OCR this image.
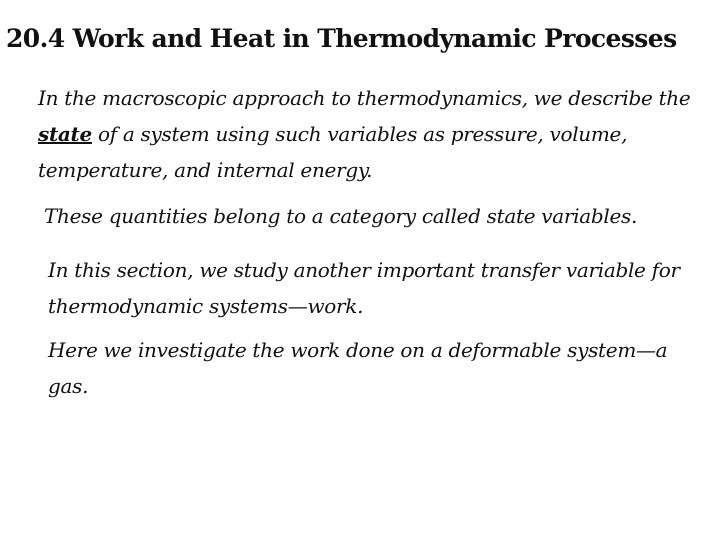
20.4 Work and Heat in Thermodynamic Processes
In the macroscopic approach to thermodynamics, we describe the state of a system using such variables as pressure, volume, temperature, and internal energy.
These quantities belong to a category called state variables.
In this section, we study another important transfer variable for thermodynamic systems—work.
Here we investigate the work done on a deformable system—a gas.
